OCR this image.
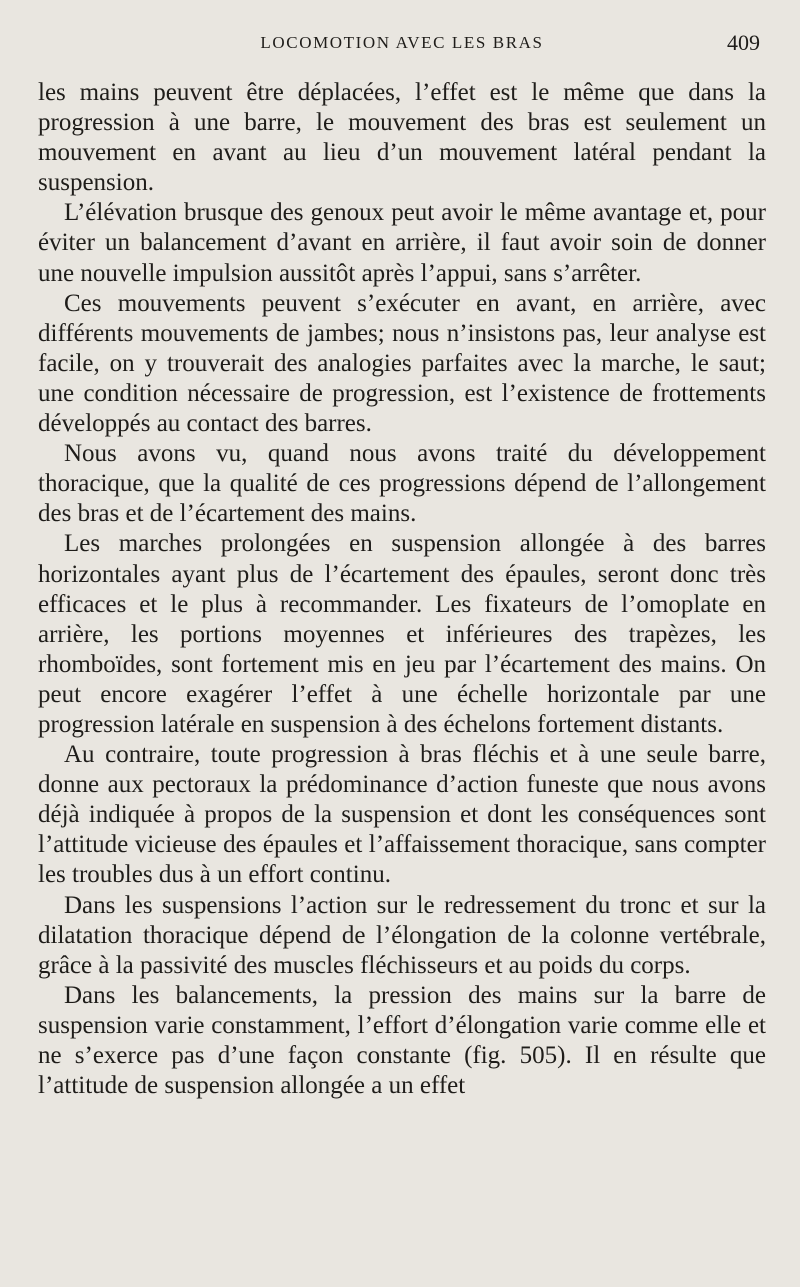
LOCOMOTION AVEC LES BRAS	409

les mains peuvent être déplacées, l’effet est le même que dans la progression à une barre, le mouvement des bras est seulement un mouvement en avant au lieu d’un mouvement latéral pendant la suspension.

L’élévation brusque des genoux peut avoir le même avantage et, pour éviter un balancement d’avant en arrière, il faut avoir soin de donner une nouvelle impulsion aussitôt après l’appui, sans s’arrêter.

Ces mouvements peuvent s’exécuter en avant, en arrière, avec différents mouvements de jambes; nous n’insistons pas, leur analyse est facile, on y trouverait des analogies parfaites avec la marche, le saut; une condition nécessaire de progression, est l’existence de frottements développés au contact des barres.

Nous avons vu, quand nous avons traité du développement thoracique, que la qualité de ces progressions dépend de l’allongement des bras et de l’écartement des mains.

Les marches prolongées en suspension allongée à des barres horizontales ayant plus de l’écartement des épaules, seront donc très efficaces et le plus à recommander. Les fixateurs de l’omoplate en arrière, les portions moyennes et inférieures des trapèzes, les rhomboïdes, sont fortement mis en jeu par l’écartement des mains. On peut encore exagérer l’effet à une échelle horizontale par une progression latérale en suspension à des échelons fortement distants.

Au contraire, toute progression à bras fléchis et à une seule barre, donne aux pectoraux la prédominance d’action funeste que nous avons déjà indiquée à propos de la suspension et dont les conséquences sont l’attitude vicieuse des épaules et l’affaissement thoracique, sans compter les troubles dus à un effort continu.

Dans les suspensions l’action sur le redressement du tronc et sur la dilatation thoracique dépend de l’élongation de la colonne vertébrale, grâce à la passivité des muscles fléchisseurs et au poids du corps.

Dans les balancements, la pression des mains sur la barre de suspension varie constamment, l’effort d’élongation varie comme elle et ne s’exerce pas d’une façon constante (fig. 505). Il en résulte que l’attitude de suspension allongée a un effet
